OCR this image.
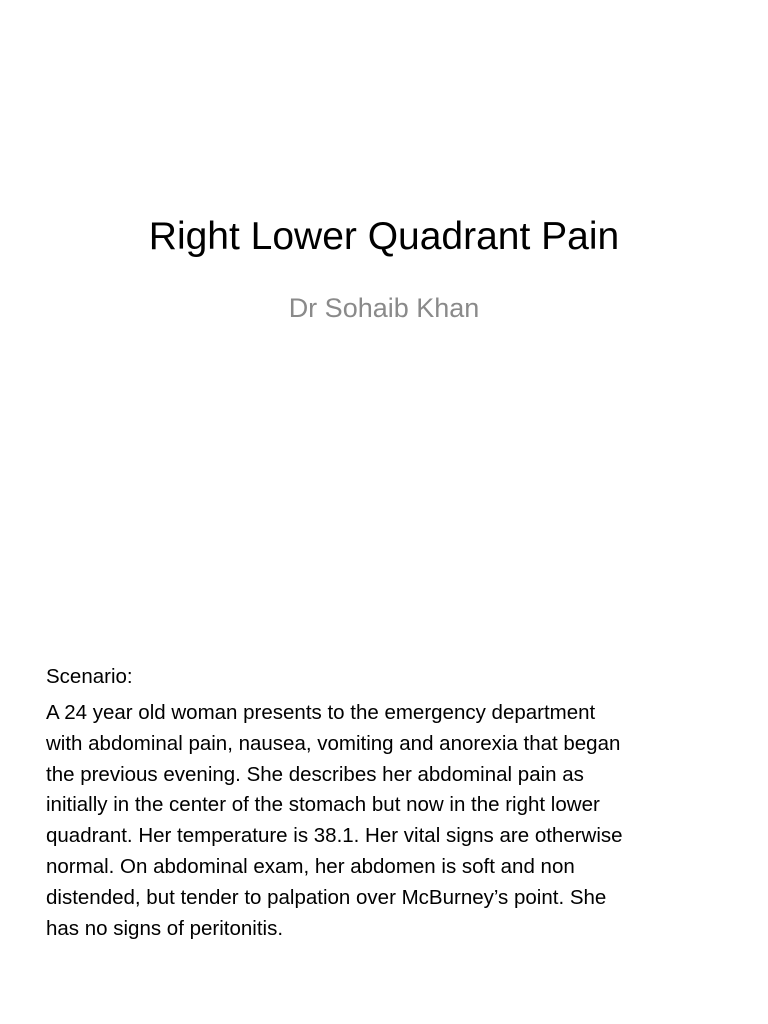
Right Lower Quadrant Pain
Dr Sohaib Khan
Scenario:
A 24 year old woman presents to the emergency department
with abdominal pain, nausea, vomiting and anorexia that began
the previous evening. She describes her abdominal pain as
initially in the center of the stomach but now in the right lower
quadrant. Her temperature is 38.1. Her vital signs are otherwise
normal. On abdominal exam, her abdomen is soft and non
distended, but tender to palpation over McBurney’s point. She
has no signs of peritonitis.
